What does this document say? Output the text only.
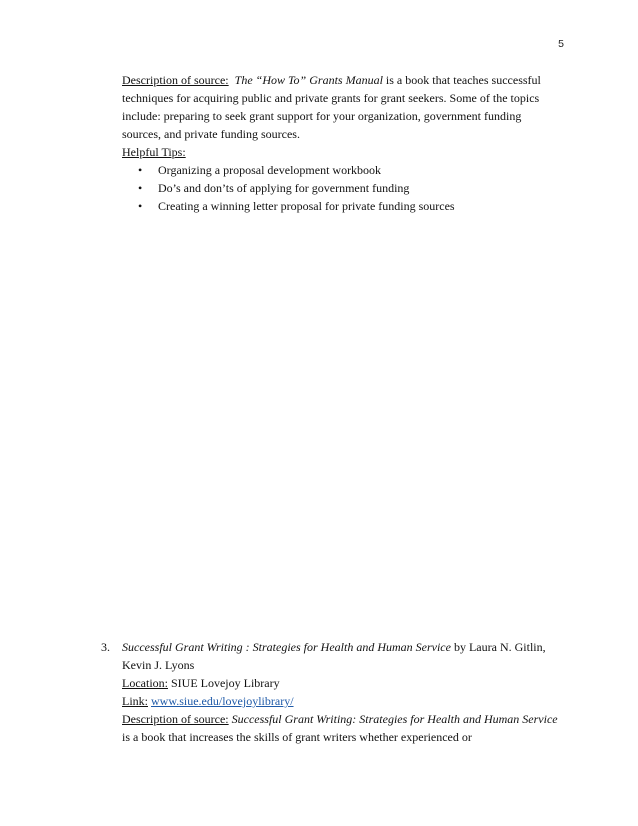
5

Description of source: The “How To” Grants Manual is a book that teaches successful techniques for acquiring public and private grants for grant seekers. Some of the topics include: preparing to seek grant support for your organization, government funding sources, and private funding sources.

Helpful Tips:

• Organizing a proposal development workbook
• Do’s and don’ts of applying for government funding
• Creating a winning letter proposal for private funding sources
3. Successful Grant Writing : Strategies for Health and Human Service by Laura N. Gitlin, Kevin J. Lyons

Location: SIUE Lovejoy Library

Link: www.siue.edu/lovejoylibrary/

Description of source: Successful Grant Writing: Strategies for Health and Human Service is a book that increases the skills of grant writers whether experienced or
